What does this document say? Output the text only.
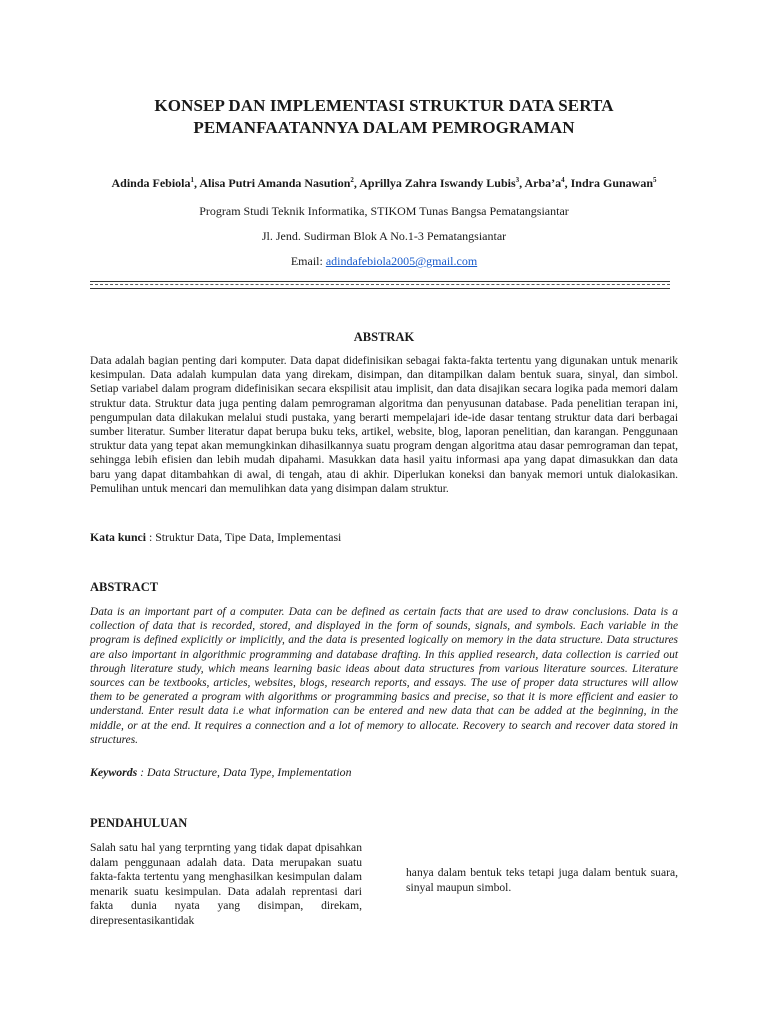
KONSEP DAN IMPLEMENTASI STRUKTUR DATA SERTA
PEMANFAATANNYA DALAM PEMROGRAMAN
Adinda Febiola$^1$, Alisa Putri Amanda Nasution$^2$, Aprillya Zahra Iswandy Lubis$^3$, $Arba’a^4$, Indra Gunawan$^5$
Program Studi Teknik Informatika, STIKOM Tunas Bangsa Pematangsiantar
Jl. Jend. Sudirman Blok A No.1-3 Pematangsiantar
Email: adindafebiola2005@gmail.com
ABSTRAK
Data adalah bagian penting dari komputer. Data dapat didefinisikan sebagai fakta-fakta tertentu yang digunakan untuk menarik kesimpulan. Data adalah kumpulan data yang direkam, disimpan, dan ditampilkan dalam bentuk suara, sinyal, dan simbol. Setiap variabel dalam program didefinisikan secara ekspilisit atau implisit, dan data disajikan secara logika pada memori dalam struktur data. Struktur data juga penting dalam pemrograman algoritma dan penyusunan database. Pada penelitian terapan ini, pengumpulan data dilakukan melalui studi pustaka, yang berarti mempelajari ide-ide dasar tentang struktur data dari berbagai sumber literatur. Sumber literatur dapat berupa buku teks, artikel, website, blog, laporan penelitian, dan karangan. Penggunaan struktur data yang tepat akan memungkinkan dihasilkannya suatu program dengan algoritma atau dasar pemrograman dan tepat, sehingga lebih efisien dan lebih mudah dipahami. Masukkan data hasil yaitu informasi apa yang dapat dimasukkan dan data baru yang dapat ditambahkan di awal, di tengah, atau di akhir. Diperlukan koneksi dan banyak memori untuk dialokasikan. Pemulihan untuk mencari dan memulihkan data yang disimpan dalam struktur.
Kata kunci : Struktur Data, Tipe Data, Implementasi
ABSTRACT
Data is an important part of a computer. Data can be defined as certain facts that are used to draw conclusions. Data is a collection of data that is recorded, stored, and displayed in the form of sounds, signals, and symbols. Each variable in the program is defined explicitly or implicitly, and the data is presented logically on memory in the data structure. Data structures are also important in algorithmic programming and database drafting. In this applied research, data collection is carried out through literature study, which means learning basic ideas about data structures from various literature sources. Literature sources can be textbooks, articles, websites, blogs, research reports, and essays. The use of proper data structures will allow them to be generated a program with algorithms or programming basics and precise, so that it is more efficient and easier to understand. Enter result data i.e what information can be entered and new data that can be added at the beginning, in the middle, or at the end. It requires a connection and a lot of memory to allocate. Recovery to search and recover data stored in structures.
Keywords : Data Structure, Data Type, Implementation
PENDAHULUAN
Salah satu hal yang terprnting yang tidak dapat dpisahkan dalam penggunaan adalah data. Data merupakan suatu fakta-fakta tertentu yang menghasilkan kesimpulan dalam menarik suatu kesimpulan. Data adalah reprentasi dari fakta dunia nyata yang disimpan, direkam, direpresentasikantidak
hanya dalam bentuk teks tetapi juga dalam bentuk suara, sinyal maupun simbol.
